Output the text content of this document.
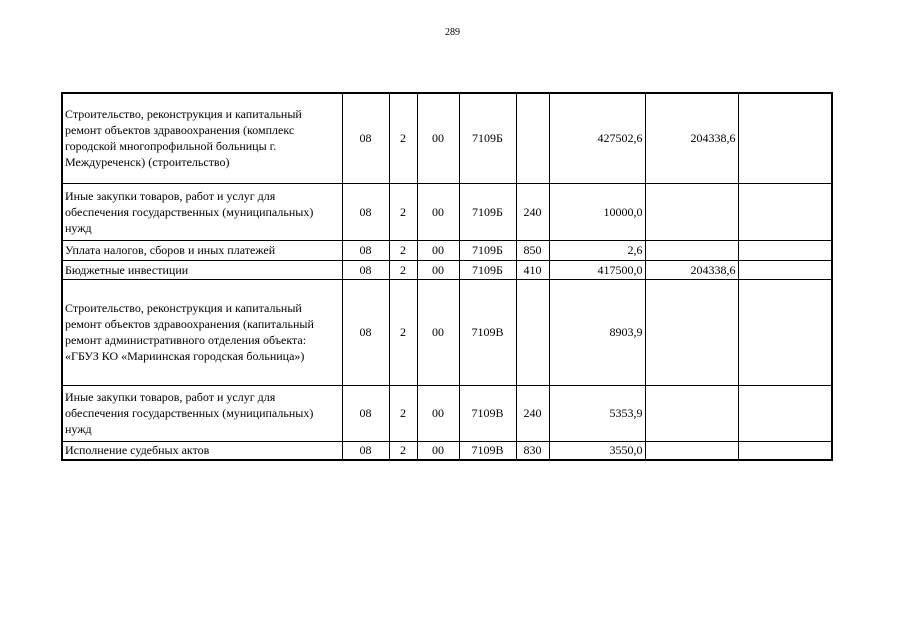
289
Строительство, реконструкция и капитальный ремонт объектов здравоохранения (комплекс городской многопрофильной больницы г. Междуреченск) (строительство)	08	2	00	7109Б		427502,6	204338,6	
Иные закупки товаров, работ и услуг для обеспечения государственных (муниципальных) нужд	08	2	00	7109Б	240	10000,0		
Уплата налогов, сборов и иных платежей	08	2	00	7109Б	850	2,6		
Бюджетные инвестиции	08	2	00	7109Б	410	417500,0	204338,6	
Строительство, реконструкция и капитальный ремонт объектов здравоохранения (капитальный ремонт административного отделения объекта: «ГБУЗ КО «Мариинская городская больница»)	08	2	00	7109В		8903,9		
Иные закупки товаров, работ и услуг для обеспечения государственных (муниципальных) нужд	08	2	00	7109В	240	5353,9		
Исполнение судебных актов	08	2	00	7109В	830	3550,0		
